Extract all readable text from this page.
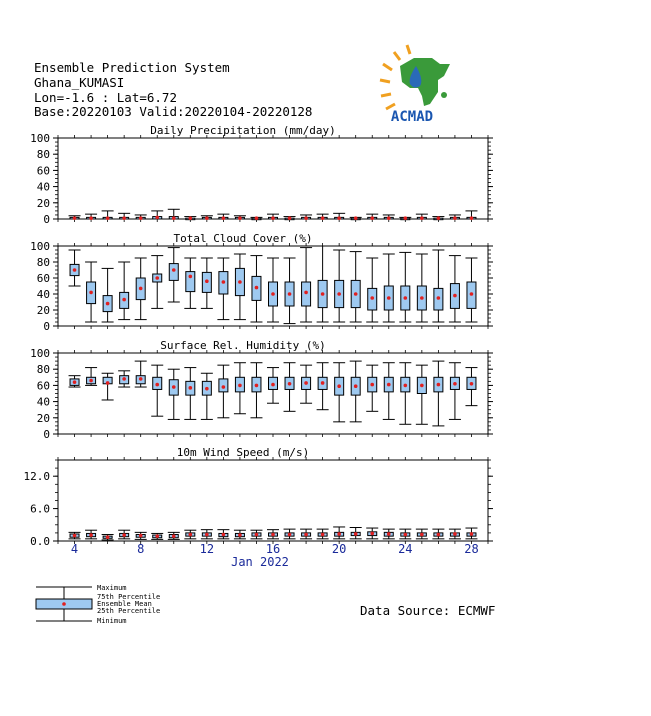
Ensemble Prediction System
Ghana_KUMASI
Lon=-1.6 : Lat=6.72
Base:20220103 Valid:20220104-20220128	ACMAD
0
20
40
60
80
100
Daily Precipitation (mm/day)
0
20
40
60
80
100
Total Cloud Cover (%)
0
20
40
60
80
100
Surface Rel. Humidity (%)
0.0
6.0
12.0
10m Wind Speed (m/s)
4	8	12	16	20	24	28
Jan 2022
Maximum
75th Percentile
Ensemble Mean
25th Percentile
Minimum
Data Source: ECMWF
